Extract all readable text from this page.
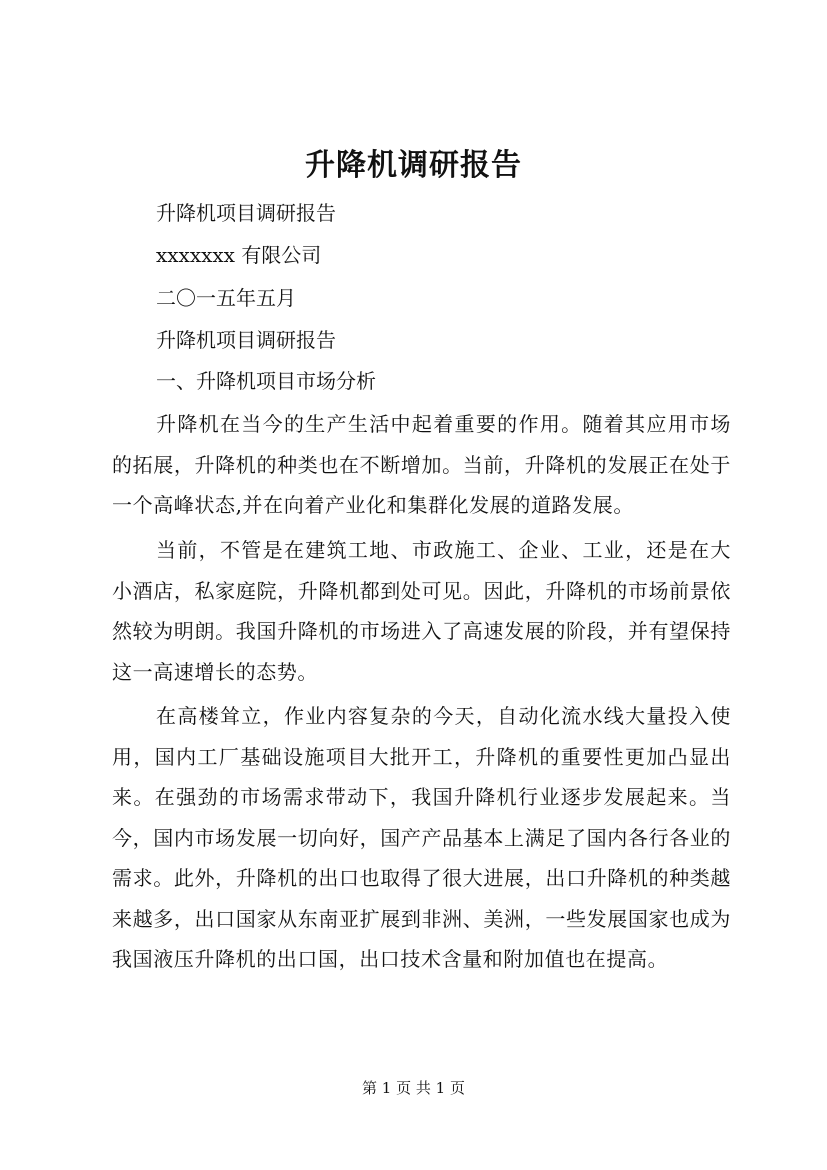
升降机调研报告
升降机项目调研报告
xxxxxxx 有限公司
二〇一五年五月
升降机项目调研报告
一、升降机项目市场分析

升降机在当今的生产生活中起着重要的作用。随着其应用市场的拓展，升降机的种类也在不断增加。当前，升降机的发展正在处于一个高峰状态,并在向着产业化和集群化发展的道路发展。

当前，不管是在建筑工地、市政施工、企业、工业，还是在大小酒店，私家庭院，升降机都到处可见。因此，升降机的市场前景依然较为明朗。我国升降机的市场进入了高速发展的阶段，并有望保持这一高速增长的态势。

在高楼耸立，作业内容复杂的今天，自动化流水线大量投入使用，国内工厂基础设施项目大批开工，升降机的重要性更加凸显出来。在强劲的市场需求带动下，我国升降机行业逐步发展起来。当今，国内市场发展一切向好，国产产品基本上满足了国内各行各业的需求。此外，升降机的出口也取得了很大进展，出口升降机的种类越来越多，出口国家从东南亚扩展到非洲、美洲，一些发展国家也成为我国液压升降机的出口国，出口技术含量和附加值也在提高。

第 1 页 共 1 页
